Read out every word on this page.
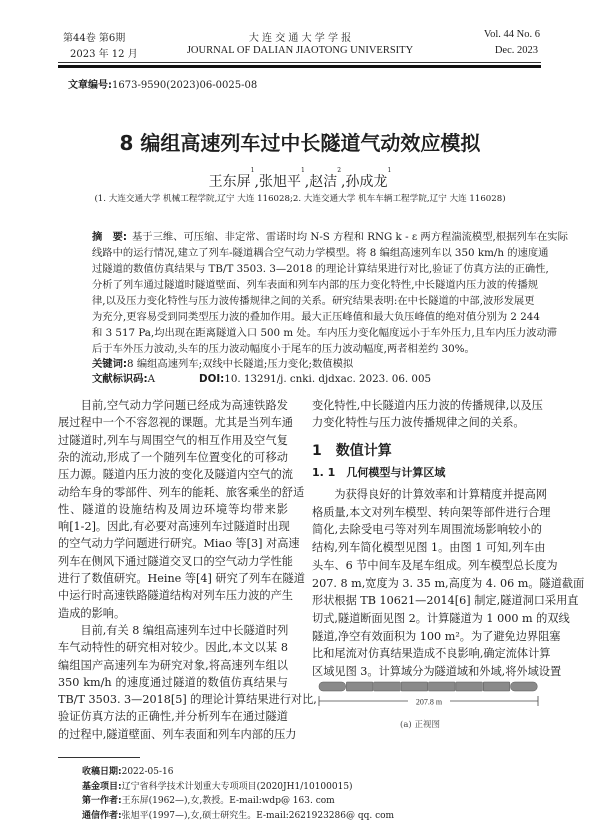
第44卷 第6期
2023 年 12 月
大 连 交 通 大 学 学 报
JOURNAL OF DALIAN JIAOTONG UNIVERSITY
Vol. 44 No. 6
Dec. 2023
文章编号:1673-9590(2023)06-0025-08
8 编组高速列车过中长隧道气动效应模拟
王东屏$^1$,张旭平$^1$,赵洁$^2$,孙成龙$^1$
(1. 大连交通大学 机械工程学院,辽宁 大连 116028;2. 大连交通大学 机车车辆工程学院,辽宁 大连 116028)
摘　要: 基于三维、可压缩、非定常、雷诺时均 N-S 方程和 RNG k - ε 两方程湍流模型,根据列车在实际
线路中的运行情况,建立了列车-隧道耦合空气动力学模型。将 8 编组高速列车以 350 km/h 的速度通
过隧道的数值仿真结果与 TB/T 3503. 3—2018 的理论计算结果进行对比,验证了仿真方法的正确性,
分析了列车通过隧道时隧道壁面、列车表面和列车内部的压力变化特性,中长隧道内压力波的传播规
律,以及压力变化特性与压力波传播规律之间的关系。研究结果表明:在中长隧道的中部,波形发展更
为充分,更容易受到同类型压力波的叠加作用。最大正压峰值和最大负压峰值的绝对值分别为 2 244
和 3 517 Pa,均出现在距离隧道入口 500 m 处。车内压力变化幅度远小于车外压力,且车内压力波动滞
后于车外压力波动,头车的压力波动幅度小于尾车的压力波动幅度,两者相差约 30%。
关键词:8 编组高速列车;双线中长隧道;压力变化;数值模拟
文献标识码:A	DOI:10. 13291/j. cnki. djdxac. 2023. 06. 005
　　目前,空气动力学问题已经成为高速铁路发
展过程中一个不容忽视的课题。尤其是当列车通
过隧道时,列车与周围空气的相互作用及空气复
杂的流动,形成了一个随列车位置变化的可移动
压力源。隧道内压力波的变化及隧道内空气的流
动给车身的零部件、列车的能耗、旅客乘坐的舒适
性、隧道的设施结构及周边环境等均带来影
响[1-2]。因此,有必要对高速列车过隧道时出现
的空气动力学问题进行研究。Miao 等[3] 对高速
列车在侧风下通过隧道交叉口的空气动力学性能
进行了数值研究。Heine 等[4] 研究了列车在隧道
中运行时高速铁路隧道结构对列车压力波的产生
造成的影响。
　　目前,有关 8 编组高速列车过中长隧道时列
车气动特性的研究相对较少。因此,本文以某 8
编组国产高速列车为研究对象,将高速列车组以
350 km/h 的速度通过隧道的数值仿真结果与
TB/T 3503. 3—2018[5] 的理论计算结果进行对比,
验证仿真方法的正确性,并分析列车在通过隧道
的过程中,隧道壁面、列车表面和列车内部的压力
变化特性,中长隧道内压力波的传播规律,以及压
力变化特性与压力波传播规律之间的关系。
　　为获得良好的计算效率和计算精度并提高网
格质量,本文对列车模型、转向架等部件进行合理
简化,去除受电弓等对列车周围流场影响较小的
结构,列车简化模型见图 1。由图 1 可知,列车由
头车、6 节中间车及尾车组成。列车模型总长度为
207. 8 m,宽度为 3. 35 m,高度为 4. 06 m。隧道截面
形状根据 TB 10621—2014[6] 制定,隧道洞口采用直
切式,隧道断面见图 2。计算隧道为 1 000 m 的双线
隧道,净空有效面积为 100 m²。为了避免边界阻塞
比和尾流对仿真结果造成不良影响,确定流体计算
区域见图 3。计算域分为隧道域和外域,将外域设置
1　数值计算
1. 1　几何模型与计算区域
207.8 m
(a) 正视图
收稿日期:2022-05-16
基金项目:辽宁省科学技术计划重大专项项目(2020JH1/10100015)
第一作者:王东屏(1962—),女,教授。E-mail:wdp@ 163. com
通信作者:张旭平(1997—),女,硕士研究生。E-mail:2621923286@ qq. com
